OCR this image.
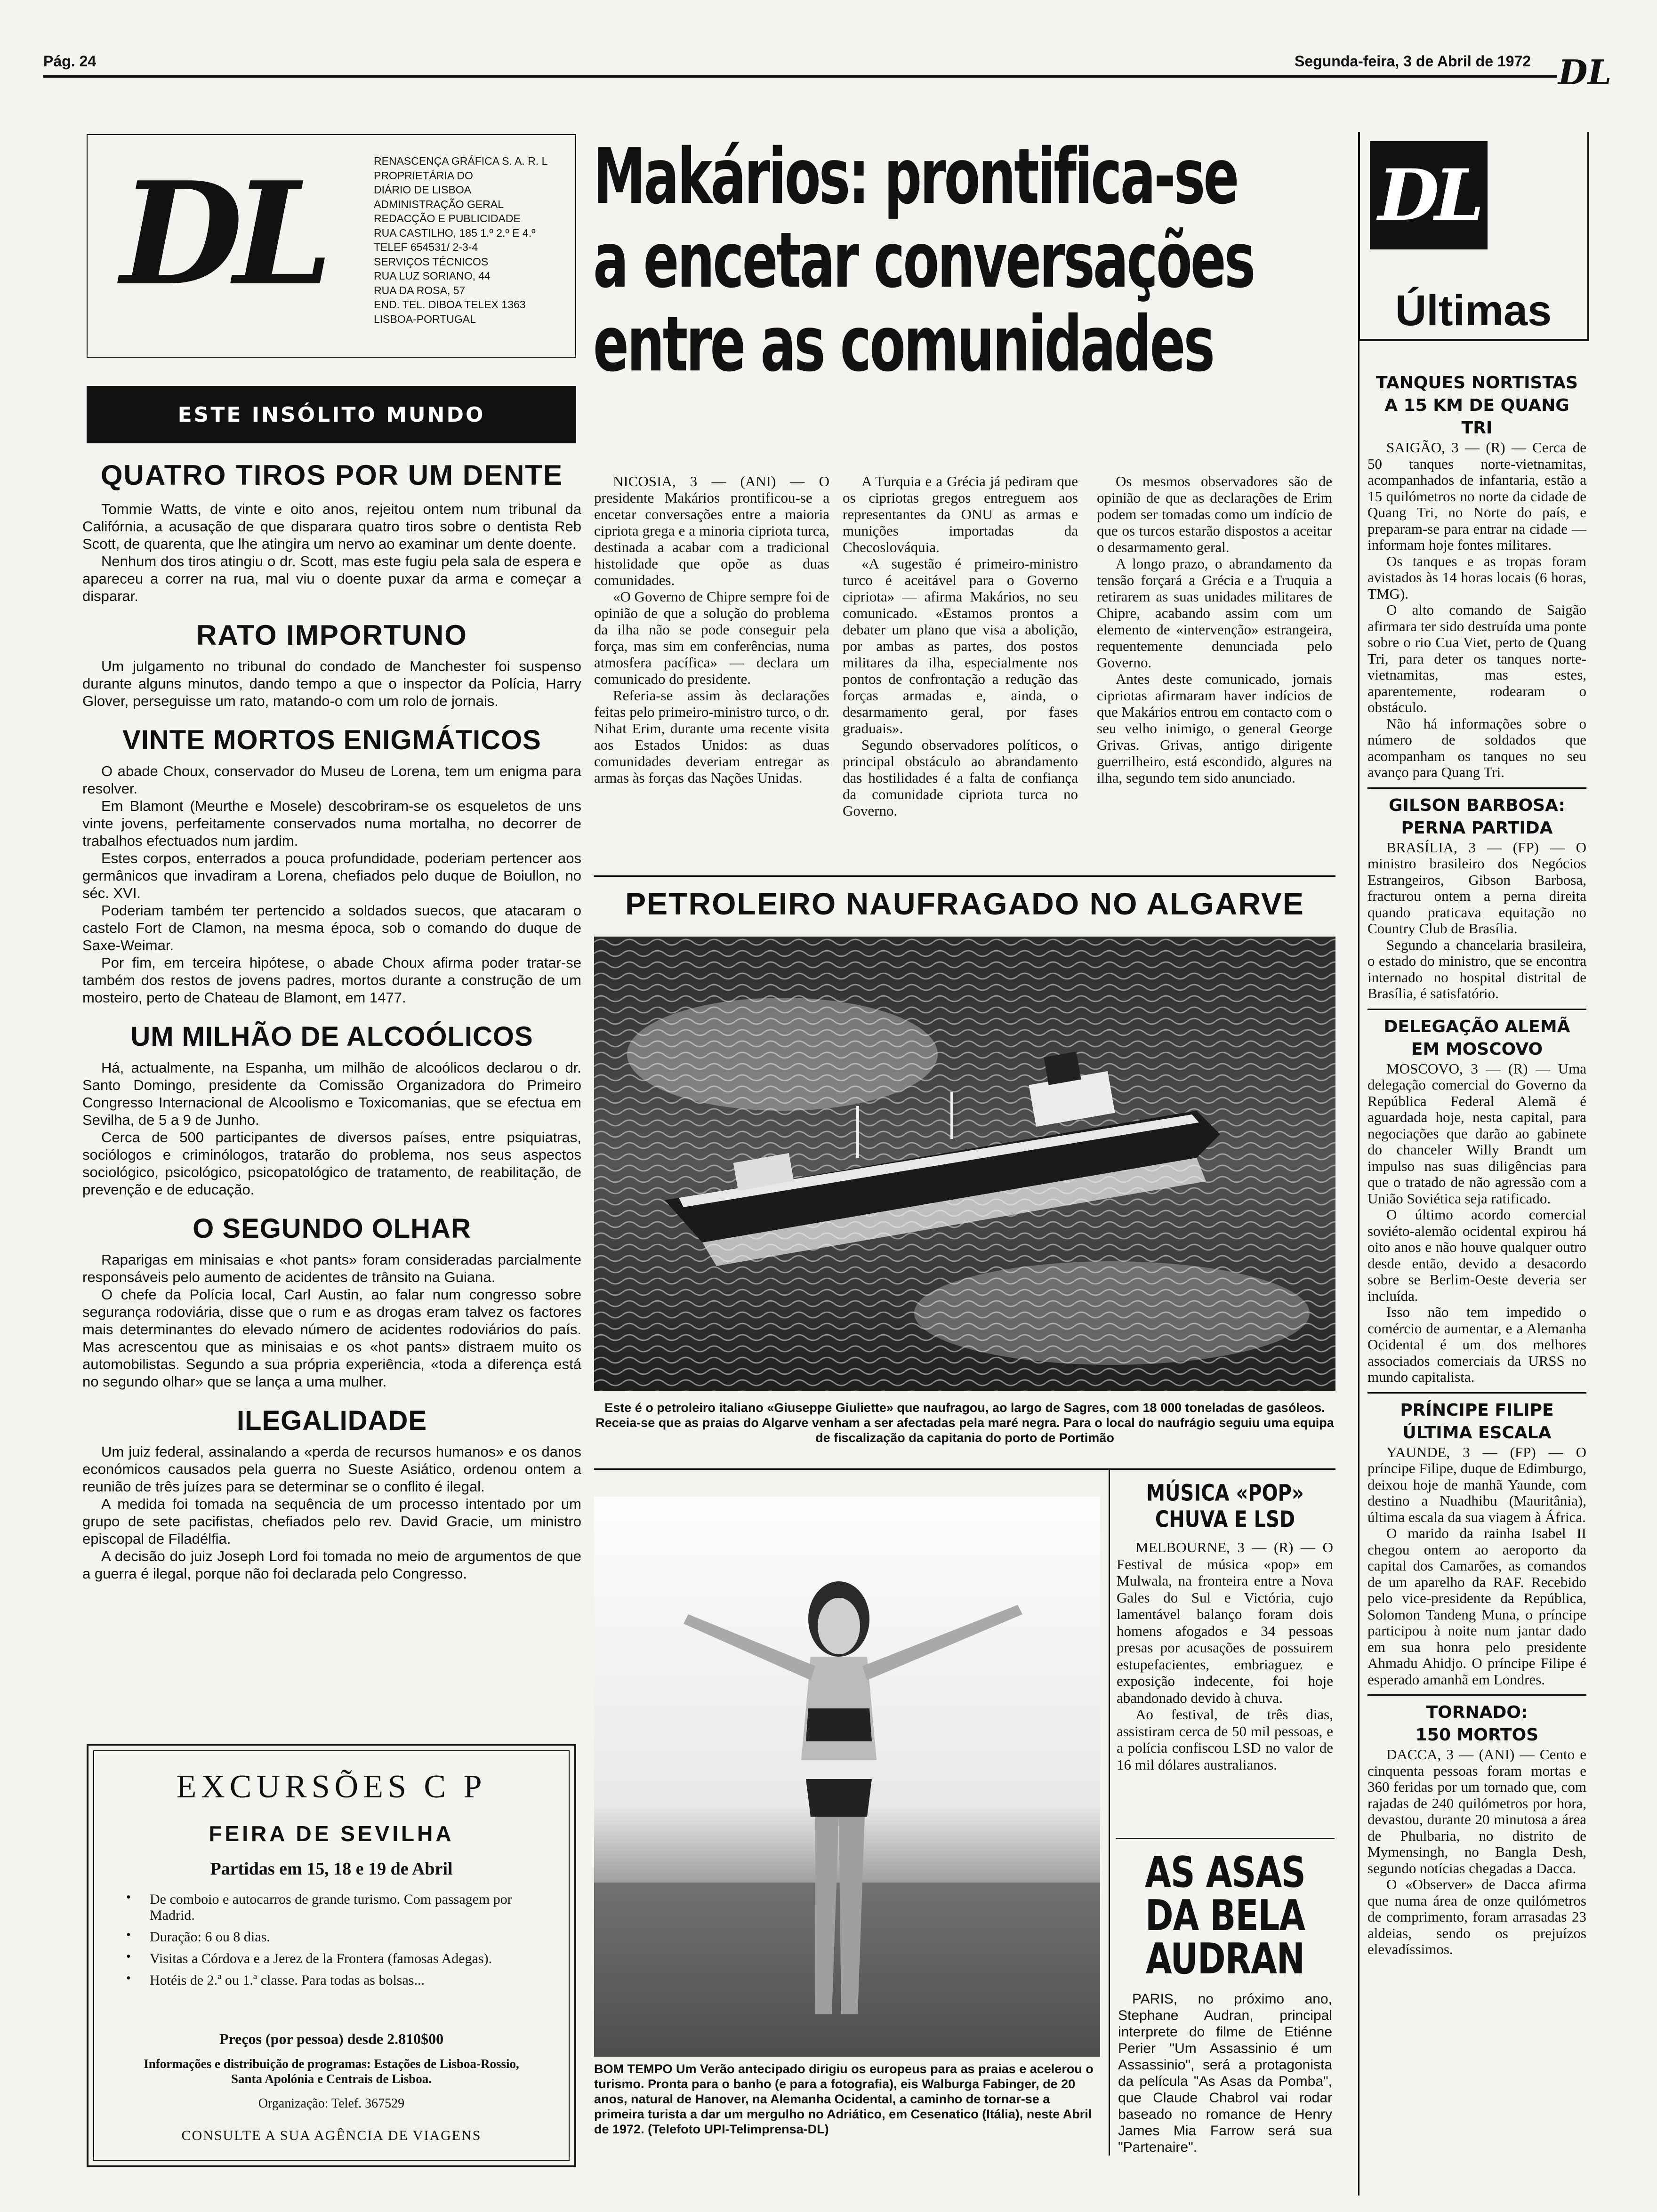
Pág. 24	Segunda-feira, 3 de Abril de 1972 DL
DL	RENASCENÇA GRÁFICA S. A. R. L
PROPRIETÁRIA DO
DIÁRIO DE LISBOA
ADMINISTRAÇÃO GERAL
REDACÇÃO E PUBLICIDADE
RUA CASTILHO, 185 1.º 2.º E 4.º
TELEF 654531/ 2-3-4
SERVIÇOS TÉCNICOS
RUA LUZ SORIANO, 44
RUA DA ROSA, 57
END. TEL. DIBOA TELEX 1363
LISBOA-PORTUGAL
ESTE INSÓLITO MUNDO
QUATRO TIROS POR UM DENTE

Tommie Watts, de vinte e oito anos, rejeitou ontem num tribunal da Califórnia, a acusação de que disparara quatro tiros sobre o dentista Reb Scott, de quarenta, que lhe atingira um nervo ao examinar um dente doente.

Nenhum dos tiros atingiu o dr. Scott, mas este fugiu pela sala de espera e apareceu a correr na rua, mal viu o doente puxar da arma e começar a disparar.

RATO IMPORTUNO

Um julgamento no tribunal do condado de Manchester foi suspenso durante alguns minutos, dando tempo a que o inspector da Polícia, Harry Glover, perseguisse um rato, matando-o com um rolo de jornais.

VINTE MORTOS ENIGMÁTICOS

O abade Choux, conservador do Museu de Lorena, tem um enigma para resolver.

Em Blamont (Meurthe e Mosele) descobriram-se os esqueletos de uns vinte jovens, perfeitamente conservados numa mortalha, no decorrer de trabalhos efectuados num jardim.

Estes corpos, enterrados a pouca profundidade, poderiam pertencer aos germânicos que invadiram a Lorena, chefiados pelo duque de Boiullon, no séc. XVI.

Poderiam também ter pertencido a soldados suecos, que atacaram o castelo Fort de Clamon, na mesma época, sob o comando do duque de Saxe-Weimar.

Por fim, em terceira hipótese, o abade Choux afirma poder tratar-se também dos restos de jovens padres, mortos durante a construção de um mosteiro, perto de Chateau de Blamont, em 1477.

UM MILHÃO DE ALCOÓLICOS

Há, actualmente, na Espanha, um milhão de alcoólicos declarou o dr. Santo Domingo, presidente da Comissão Organizadora do Primeiro Congresso Internacional de Alcoolismo e Toxicomanias, que se efectua em Sevilha, de 5 a 9 de Junho.

Cerca de 500 participantes de diversos países, entre psiquiatras, sociólogos e criminólogos, tratarão do problema, nos seus aspectos sociológico, psicológico, psicopatológico de tratamento, de reabilitação, de prevenção e de educação.

O SEGUNDO OLHAR

Raparigas em minisaias e «hot pants» foram consideradas parcialmente responsáveis pelo aumento de acidentes de trânsito na Guiana.

O chefe da Polícia local, Carl Austin, ao falar num congresso sobre segurança rodoviária, disse que o rum e as drogas eram talvez os factores mais determinantes do elevado número de acidentes rodoviários do país. Mas acrescentou que as minisaias e os «hot pants» distraem muito os automobilistas. Segundo a sua própria experiência, «toda a diferença está no segundo olhar» que se lança a uma mulher.

ILEGALIDADE

Um juiz federal, assinalando a «perda de recursos humanos» e os danos económicos causados pela guerra no Sueste Asiático, ordenou ontem a reunião de três juízes para se determinar se o conflito é ilegal.

A medida foi tomada na sequência de um processo intentado por um grupo de sete pacifistas, chefiados pelo rev. David Gracie, um ministro episcopal de Filadélfia.

A decisão do juiz Joseph Lord foi tomada no meio de argumentos de que a guerra é ilegal, porque não foi declarada pelo Congresso.

EXCURSÕES C P
FEIRA DE SEVILHA
Partidas em 15, 18 e 19 de Abril
• De comboio e autocarros de grande turismo. Com passagem por Madrid.
• Duração: 6 ou 8 dias.
• Visitas a Córdova e a Jerez de la Frontera (famosas Adegas).
• Hotéis de 2.ª ou 1.ª classe. Para todas as bolsas...
Preços (por pessoa) desde 2.810$00
Informações e distribuição de programas: Estações de Lisboa-Rossio, Santa Apolónia e Centrais de Lisboa.
Organização: Telef. 367529
CONSULTE A SUA AGÊNCIA DE VIAGENS
Makários: prontifica-se
a encetar conversações
entre as comunidades

NICOSIA, 3 — (ANI) — O presidente Makários prontificou-se a encetar conversações entre a maioria cipriota grega e a minoria cipriota turca, destinada a acabar com a tradicional histolidade que opõe as duas comunidades.

«O Governo de Chipre sempre foi de opinião de que a solução do problema da ilha não se pode conseguir pela força, mas sim em conferências, numa atmosfera pacífica» — declara um comunicado do presidente.

Referia-se assim às declarações feitas pelo primeiro-ministro turco, o dr. Nihat Erim, durante uma recente visita aos Estados Unidos: as duas comunidades deveriam entregar as armas às forças das Nações Unidas.

A Turquia e a Grécia já pediram que os cipriotas gregos entreguem aos representantes da ONU as armas e munições importadas da Checoslováquia.

«A sugestão é primeiro-ministro turco é aceitável para o Governo cipriota» — afirma Makários, no seu comunicado. «Estamos prontos a debater um plano que visa a abolição, por ambas as partes, dos postos militares da ilha, especialmente nos pontos de confrontação a redução das forças armadas e, ainda, o desarmamento geral, por fases graduais».

Segundo observadores políticos, o principal obstáculo ao abrandamento das hostilidades é a falta de confiança da comunidade cipriota turca no Governo.

Os mesmos observadores são de opinião de que as declarações de Erim podem ser tomadas como um indício de que os turcos estarão dispostos a aceitar o desarmamento geral.

A longo prazo, o abrandamento da tensão forçará a Grécia e a Truquia a retirarem as suas unidades militares de Chipre, acabando assim com um elemento de «intervenção» estrangeira, requentemente denunciada pelo Governo.

Antes deste comunicado, jornais cipriotas afirmaram haver indícios de que Makários entrou em contacto com o seu velho inimigo, o general George Grivas. Grivas, antigo dirigente guerrilheiro, está escondido, algures na ilha, segundo tem sido anunciado.

PETROLEIRO NAUFRAGADO NO ALGARVE
Este é o petroleiro italiano «Giuseppe Giuliette» que naufragou, ao largo de Sagres, com 18 000 toneladas de gasóleos. Receia-se que as praias do Algarve venham a ser afectadas pela maré negra. Para o local do naufrágio seguiu uma equipa de fiscalização da capitania do porto de Portimão
BOM TEMPO Um Verão antecipado dirigiu os europeus para as praias e acelerou o turismo. Pronta para o banho (e para a fotografia), eis Walburga Fabinger, de 20 anos, natural de Hanover, na Alemanha Ocidental, a caminho de tornar-se a primeira turista a dar um mergulho no Adriático, em Cesenatico (Itália), neste Abril de 1972. (Telefoto UPI-Telimprensa-DL)
MÚSICA «POP»
CHUVA E LSD

MELBOURNE, 3 — (R) — O Festival de música «pop» em Mulwala, na fronteira entre a Nova Gales do Sul e Victória, cujo lamentável balanço foram dois homens afogados e 34 pessoas presas por acusações de possuirem estupefacientes, embriaguez e exposição indecente, foi hoje abandonado devido à chuva.

Ao festival, de três dias, assistiram cerca de 50 mil pessoas, e a polícia confiscou LSD no valor de 16 mil dólares australianos.

AS ASAS
DA BELA
AUDRAN
PARIS, no próximo ano, Stephane Audran, principal interprete do filme de Etiénne Perier "Um Assassinio é um Assassinio", será a protagonista da película "As Asas da Pomba", que Claude Chabrol vai rodar baseado no romance de Henry James Mia Farrow será sua "Partenaire".
DL
Últimas
TANQUES NORTISTAS
A 15 KM DE QUANG TRI

SAIGÃO, 3 — (R) — Cerca de 50 tanques norte-vietnamitas, acompanhados de infantaria, estão a 15 quilómetros no norte da cidade de Quang Tri, no Norte do país, e preparam-se para entrar na cidade — informam hoje fontes militares.

Os tanques e as tropas foram avistados às 14 horas locais (6 horas, TMG).

O alto comando de Saigão afirmara ter sido destruída uma ponte sobre o rio Cua Viet, perto de Quang Tri, para deter os tanques norte-vietnamitas, mas estes, aparentemente, rodearam o obstáculo.

Não há informações sobre o número de soldados que acompanham os tanques no seu avanço para Quang Tri.

GILSON BARBOSA:
PERNA PARTIDA

BRASÍLIA, 3 — (FP) — O ministro brasileiro dos Negócios Estrangeiros, Gibson Barbosa, fracturou ontem a perna direita quando praticava equitação no Country Club de Brasília.

Segundo a chancelaria brasileira, o estado do ministro, que se encontra internado no hospital distrital de Brasília, é satisfatório.

DELEGAÇÃO ALEMÃ
EM MOSCOVO

MOSCOVO, 3 — (R) — Uma delegação comercial do Governo da República Federal Alemã é aguardada hoje, nesta capital, para negociações que darão ao gabinete do chanceler Willy Brandt um impulso nas suas diligências para que o tratado de não agressão com a União Soviética seja ratificado.

O último acordo comercial soviéto-alemão ocidental expirou há oito anos e não houve qualquer outro desde então, devido a desacordo sobre se Berlim-Oeste deveria ser incluída.

Isso não tem impedido o comércio de aumentar, e a Alemanha Ocidental é um dos melhores associados comerciais da URSS no mundo capitalista.

PRÍNCIPE FILIPE
ÚLTIMA ESCALA

YAUNDE, 3 — (FP) — O príncipe Filipe, duque de Edimburgo, deixou hoje de manhã Yaunde, com destino a Nuadhibu (Mauritânia), última escala da sua viagem à África.

O marido da rainha Isabel II chegou ontem ao aeroporto da capital dos Camarões, as comandos de um aparelho da RAF. Recebido pelo vice-presidente da República, Solomon Tandeng Muna, o príncipe participou à noite num jantar dado em sua honra pelo presidente Ahmadu Ahidjo. O príncipe Filipe é esperado amanhã em Londres.

TORNADO:
150 MORTOS

DACCA, 3 — (ANI) — Cento e cinquenta pessoas foram mortas e 360 feridas por um tornado que, com rajadas de 240 quilómetros por hora, devastou, durante 20 minutosa a área de Phulbaria, no distrito de Mymensingh, no Bangla Desh, segundo notícias chegadas a Dacca.

O «Observer» de Dacca afirma que numa área de onze quilómetros de comprimento, foram arrasadas 23 aldeias, sendo os prejuízos elevadíssimos.
